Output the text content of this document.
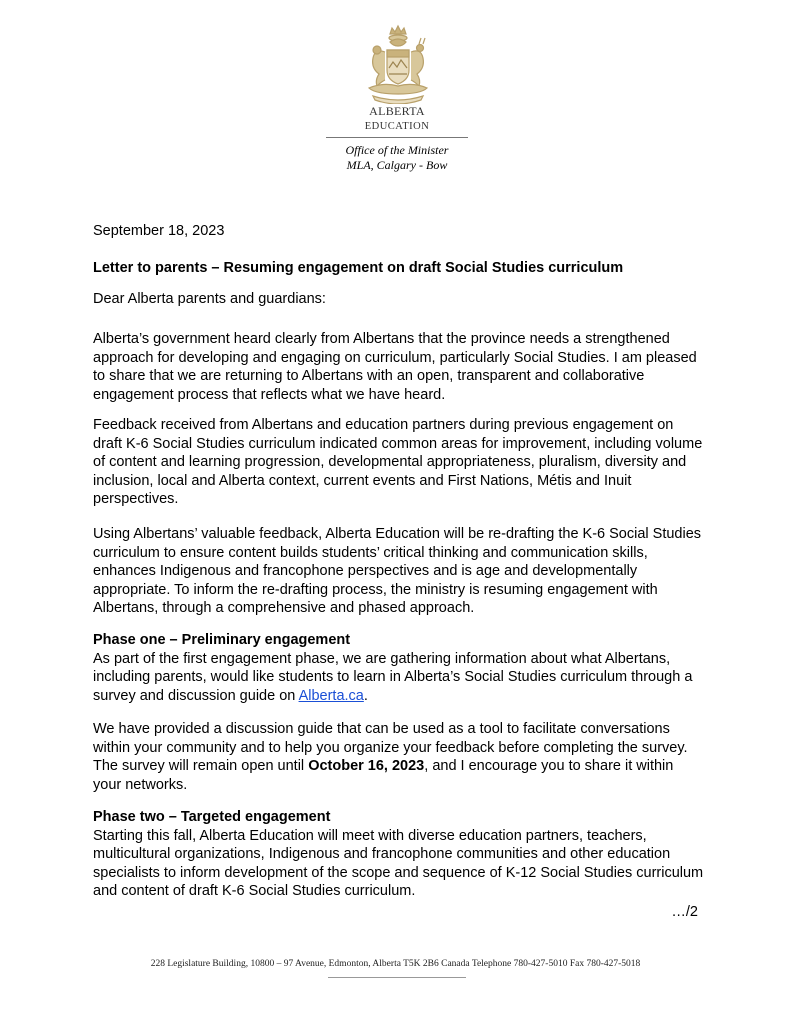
ALBERTA
EDUCATION
Office of the Minister
MLA, Calgary - Bow
September 18, 2023
Letter to parents – Resuming engagement on draft Social Studies curriculum
Dear Alberta parents and guardians:

Alberta’s government heard clearly from Albertans that the province needs a strengthened approach for developing and engaging on curriculum, particularly Social Studies. I am pleased to share that we are returning to Albertans with an open, transparent and collaborative engagement process that reflects what we have heard.

Feedback received from Albertans and education partners during previous engagement on draft K-6 Social Studies curriculum indicated common areas for improvement, including volume of content and learning progression, developmental appropriateness, pluralism, diversity and inclusion, local and Alberta context, current events and First Nations, Métis and Inuit perspectives.

Using Albertans’ valuable feedback, Alberta Education will be re-drafting the K-6 Social Studies curriculum to ensure content builds students’ critical thinking and communication skills, enhances Indigenous and francophone perspectives and is age and developmentally appropriate. To inform the re-drafting process, the ministry is resuming engagement with Albertans, through a comprehensive and phased approach.

Phase one – Preliminary engagement

As part of the first engagement phase, we are gathering information about what Albertans, including parents, would like students to learn in Alberta’s Social Studies curriculum through a survey and discussion guide on Alberta.ca.

We have provided a discussion guide that can be used as a tool to facilitate conversations within your community and to help you organize your feedback before completing the survey. The survey will remain open until October 16, 2023, and I encourage you to share it within your networks.

Phase two – Targeted engagement

Starting this fall, Alberta Education will meet with diverse education partners, teachers, multicultural organizations, Indigenous and francophone communities and other education specialists to inform development of the scope and sequence of K-12 Social Studies curriculum and content of draft K-6 Social Studies curriculum.

…/2
228 Legislature Building, 10800 – 97 Avenue, Edmonton, Alberta T5K 2B6 Canada Telephone 780-427-5010 Fax 780-427-5018
